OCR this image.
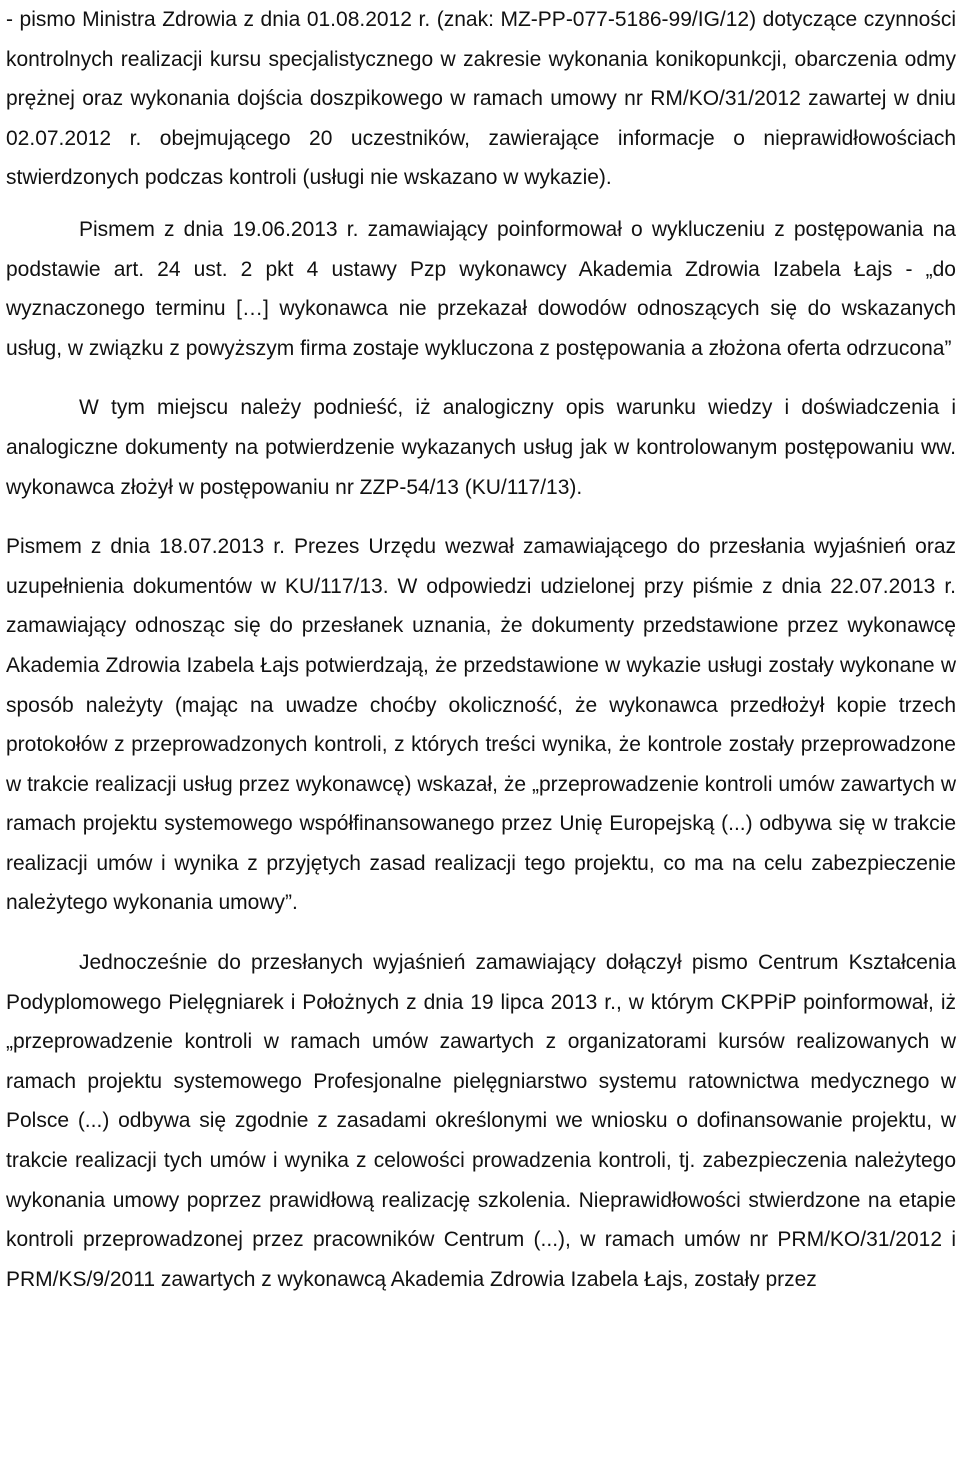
- pismo Ministra Zdrowia z dnia 01.08.2012 r. (znak: MZ-PP-077-5186-99/IG/12) dotyczące czynności kontrolnych realizacji kursu specjalistycznego w zakresie wykonania konikopunkcji, obarczenia odmy prężnej oraz wykonania dojścia doszpikowego w ramach umowy nr RM/KO/31/2012 zawartej w dniu 02.07.2012 r. obejmującego 20 uczestników, zawierające informacje o nieprawidłowościach stwierdzonych podczas kontroli (usługi nie wskazano w wykazie).

Pismem z dnia 19.06.2013 r. zamawiający poinformował o wykluczeniu z postępowania na podstawie art. 24 ust. 2 pkt 4 ustawy Pzp wykonawcy Akademia Zdrowia Izabela Łajs - „do wyznaczonego terminu […] wykonawca nie przekazał dowodów odnoszących się do wskazanych usług, w związku z powyższym firma zostaje wykluczona z postępowania a złożona oferta odrzucona”

W tym miejscu należy podnieść, iż analogiczny opis warunku wiedzy i doświadczenia i analogiczne dokumenty na potwierdzenie wykazanych usług jak w kontrolowanym postępowaniu ww. wykonawca złożył w postępowaniu nr ZZP-54/13 (KU/117/13).

Pismem z dnia 18.07.2013 r. Prezes Urzędu wezwał zamawiającego do przesłania wyjaśnień oraz uzupełnienia dokumentów w KU/117/13. W odpowiedzi udzielonej przy piśmie z dnia 22.07.2013 r. zamawiający odnosząc się do przesłanek uznania, że dokumenty przedstawione przez wykonawcę Akademia Zdrowia Izabela Łajs potwierdzają, że przedstawione w wykazie usługi zostały wykonane w sposób należyty (mając na uwadze choćby okoliczność, że wykonawca przedłożył kopie trzech protokołów z przeprowadzonych kontroli, z których treści wynika, że kontrole zostały przeprowadzone w trakcie realizacji usług przez wykonawcę) wskazał, że „przeprowadzenie kontroli umów zawartych w ramach projektu systemowego współfinansowanego przez Unię Europejską (...) odbywa się w trakcie realizacji umów i wynika z przyjętych zasad realizacji tego projektu, co ma na celu zabezpieczenie należytego wykonania umowy”.

Jednocześnie do przesłanych wyjaśnień zamawiający dołączył pismo Centrum Kształcenia Podyplomowego Pielęgniarek i Położnych z dnia 19 lipca 2013 r., w którym CKPPiP poinformował, iż „przeprowadzenie kontroli w ramach umów zawartych z organizatorami kursów realizowanych w ramach projektu systemowego Profesjonalne pielęgniarstwo systemu ratownictwa medycznego w Polsce (...) odbywa się zgodnie z zasadami określonymi we wniosku o dofinansowanie projektu, w trakcie realizacji tych umów i wynika z celowości prowadzenia kontroli, tj. zabezpieczenia należytego wykonania umowy poprzez prawidłową realizację szkolenia. Nieprawidłowości stwierdzone na etapie kontroli przeprowadzonej przez pracowników Centrum (...), w ramach umów nr PRM/KO/31/2012 i PRM/KS/9/2011 zawartych z wykonawcą Akademia Zdrowia Izabela Łajs, zostały przez
